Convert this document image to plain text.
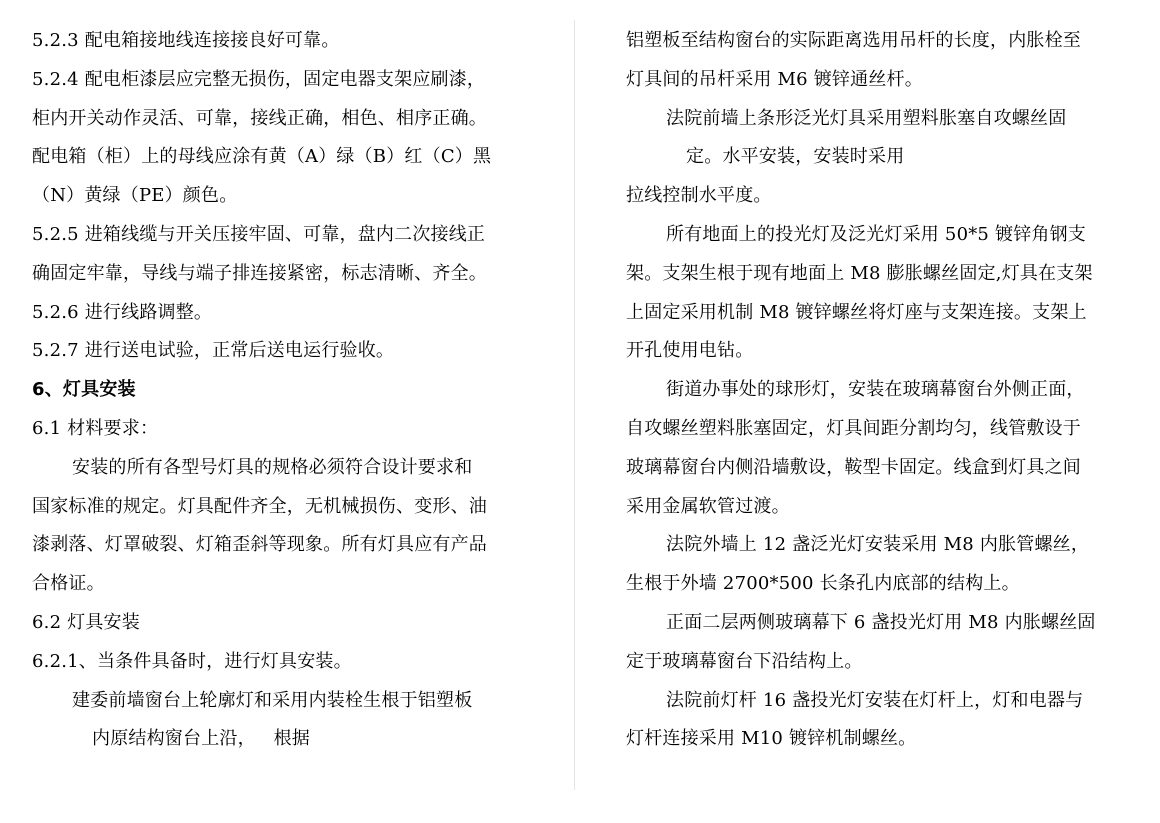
5.2.3 配电箱接地线连接接良好可靠。
5.2.4 配电柜漆层应完整无损伤，固定电器支架应刷漆，
柜内开关动作灵活、可靠，接线正确，相色、相序正确。
配电箱（柜）上的母线应涂有黄（A）绿（B）红（C）黑
（N）黄绿（PE）颜色。
5.2.5 进箱线缆与开关压接牢固、可靠，盘内二次接线正
确固定牢靠，导线与端子排连接紧密，标志清晰、齐全。
5.2.6 进行线路调整。
5.2.7 进行送电试验，正常后送电运行验收。
6、灯具安装
6.1 材料要求：
安装的所有各型号灯具的规格必须符合设计要求和
国家标准的规定。灯具配件齐全，无机械损伤、变形、油
漆剥落、灯罩破裂、灯箱歪斜等现象。所有灯具应有产品
合格证。
6.2 灯具安装
6.2.1、当条件具备时，进行灯具安装。
建委前墙窗台上轮廓灯和采用内装栓生根于铝塑板
内原结构窗台上沿，   根据
铝塑板至结构窗台的实际距离选用吊杆的长度，内胀栓至
灯具间的吊杆采用 M6 镀锌通丝杆。
法院前墙上条形泛光灯具采用塑料胀塞自攻螺丝固
定。水平安装，安装时采用
拉线控制水平度。
所有地面上的投光灯及泛光灯采用 50*5 镀锌角钢支
架。支架生根于现有地面上 M8 膨胀螺丝固定,灯具在支架
上固定采用机制 M8 镀锌螺丝将灯座与支架连接。支架上
开孔使用电钻。
街道办事处的球形灯，安装在玻璃幕窗台外侧正面，
自攻螺丝塑料胀塞固定，灯具间距分割均匀，线管敷设于
玻璃幕窗台内侧沿墙敷设，鞍型卡固定。线盒到灯具之间
采用金属软管过渡。
法院外墙上 12 盏泛光灯安装采用 M8 内胀管螺丝，
生根于外墙 2700*500 长条孔内底部的结构上。
正面二层两侧玻璃幕下 6 盏投光灯用 M8 内胀螺丝固
定于玻璃幕窗台下沿结构上。
法院前灯杆 16 盏投光灯安装在灯杆上，灯和电器与
灯杆连接采用 M10 镀锌机制螺丝。
